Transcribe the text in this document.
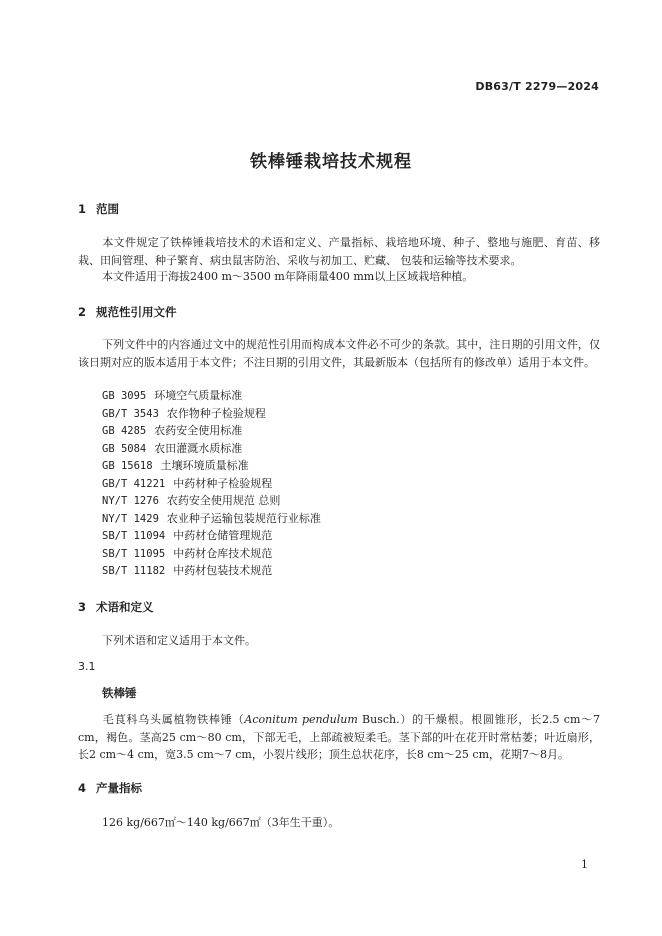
DB63/T 2279—2024
铁棒锤栽培技术规程
1 范围
本文件规定了铁棒锤栽培技术的术语和定义、产量指标、栽培地环境、种子、整地与施肥、育苗、移栽、田间管理、种子繁育、病虫鼠害防治、采收与初加工、贮藏、 包装和运输等技术要求。
本文件适用于海拔2400 m～3500 m年降雨量400 mm以上区域栽培种植。
2 规范性引用文件
下列文件中的内容通过文中的规范性引用而构成本文件必不可少的条款。其中，注日期的引用文件，仅该日期对应的版本适用于本文件；不注日期的引用文件，其最新版本（包括所有的修改单）适用于本文件。
GB 3095 环境空气质量标准
GB/T 3543 农作物种子检验规程
GB 4285 农药安全使用标准
GB 5084 农田灌溉水质标准
GB 15618 土壤环境质量标准
GB/T 41221 中药材种子检验规程
NY/T 1276 农药安全使用规范 总则
NY/T 1429 农业种子运输包装规范行业标准
SB/T 11094 中药材仓储管理规范
SB/T 11095 中药材仓库技术规范
SB/T 11182 中药材包装技术规范
3 术语和定义
下列术语和定义适用于本文件。
3.1
铁棒锤
毛茛科乌头属植物铁棒锤（Aconitum pendulum Busch.）的干燥根。根圆锥形，长2.5 cm～7 cm，褐色。茎高25 cm～80 cm，下部无毛，上部疏被短柔毛。茎下部的叶在花开时常枯萎；叶近扇形，长2 cm～4 cm，宽3.5 cm～7 cm，小裂片线形；顶生总状花序，长8 cm～25 cm，花期7～8月。
4 产量指标
126 kg/667㎡～140 kg/667㎡（3年生干重）。
1
